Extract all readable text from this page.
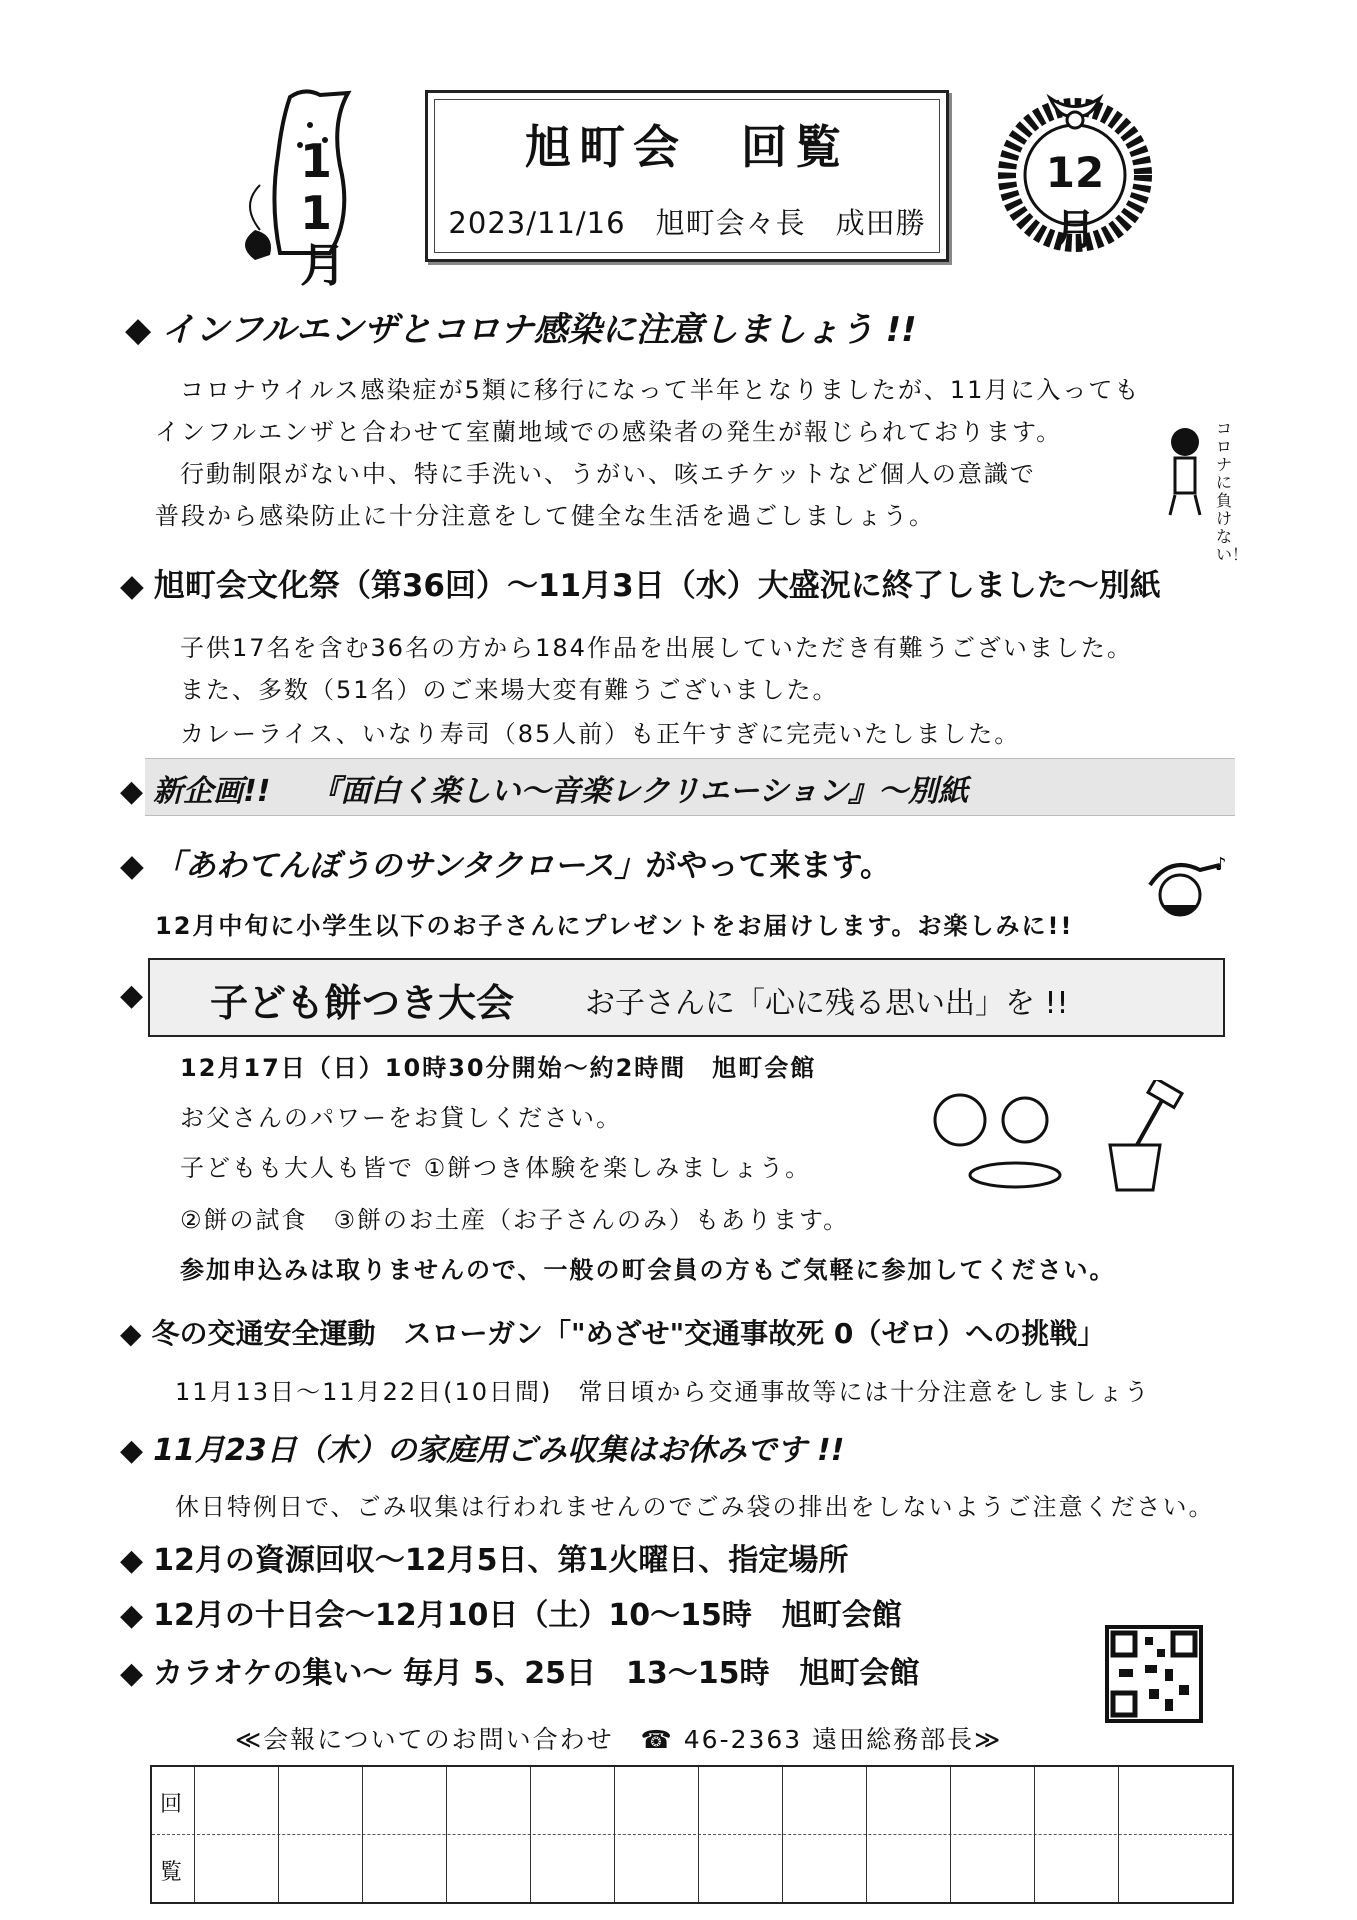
11月
旭町会　回覧
2023/11/16　旭町会々長　成田勝
12月
◆ インフルエンザとコロナ感染に注意しましょう !!
コロナウイルス感染症が5類に移行になって半年となりましたが、11月に入っても
インフルエンザと合わせて室蘭地域での感染者の発生が報じられております。
行動制限がない中、特に手洗い、うがい、咳エチケットなど個人の意識で
普段から感染防止に十分注意をして健全な生活を過ごしましょう。
コロナに負けない！
◆ 旭町会文化祭（第36回）～11月3日（水）大盛況に終了しました～別紙
子供17名を含む36名の方から184作品を出展していただき有難うございました。
また、多数（51名）のご来場大変有難うございました。
カレーライス、いなり寿司（85人前）も正午すぎに完売いたしました。
◆ 新企画!! 『面白く楽しい～音楽レクリエーション』～別紙
◆ 「あわてんぼうのサンタクロース」がやって来ます。
12月中旬に小学生以下のお子さんにプレゼントをお届けします。お楽しみに!!
♪
◆ 子ども餅つき大会 お子さんに「心に残る思い出」を !!
12月17日（日）10時30分開始～約2時間　旭町会館
お父さんのパワーをお貸しください。
子どもも大人も皆で ①餅つき体験を楽しみましょう。
②餅の試食　③餅のお土産（お子さんのみ）もあります。
参加申込みは取りませんので、一般の町会員の方もご気軽に参加してください。
◆ 冬の交通安全運動　スローガン「"めざせ"交通事故死 0（ゼロ）への挑戦」
11月13日～11月22日(10日間)　常日頃から交通事故等には十分注意をしましょう
◆ 11月23日（木）の家庭用ごみ収集はお休みです !!
休日特例日で、ごみ収集は行われませんのでごみ袋の排出をしないようご注意ください。
◆ 12月の資源回収～12月5日、第1火曜日、指定場所
◆ 12月の十日会～12月10日（土）10～15時　旭町会館
◆ カラオケの集い～ 毎月 5、25日　13～15時　旭町会館
≪会報についてのお問い合わせ　☎ 46-2363 遠田総務部長≫
回
覧
